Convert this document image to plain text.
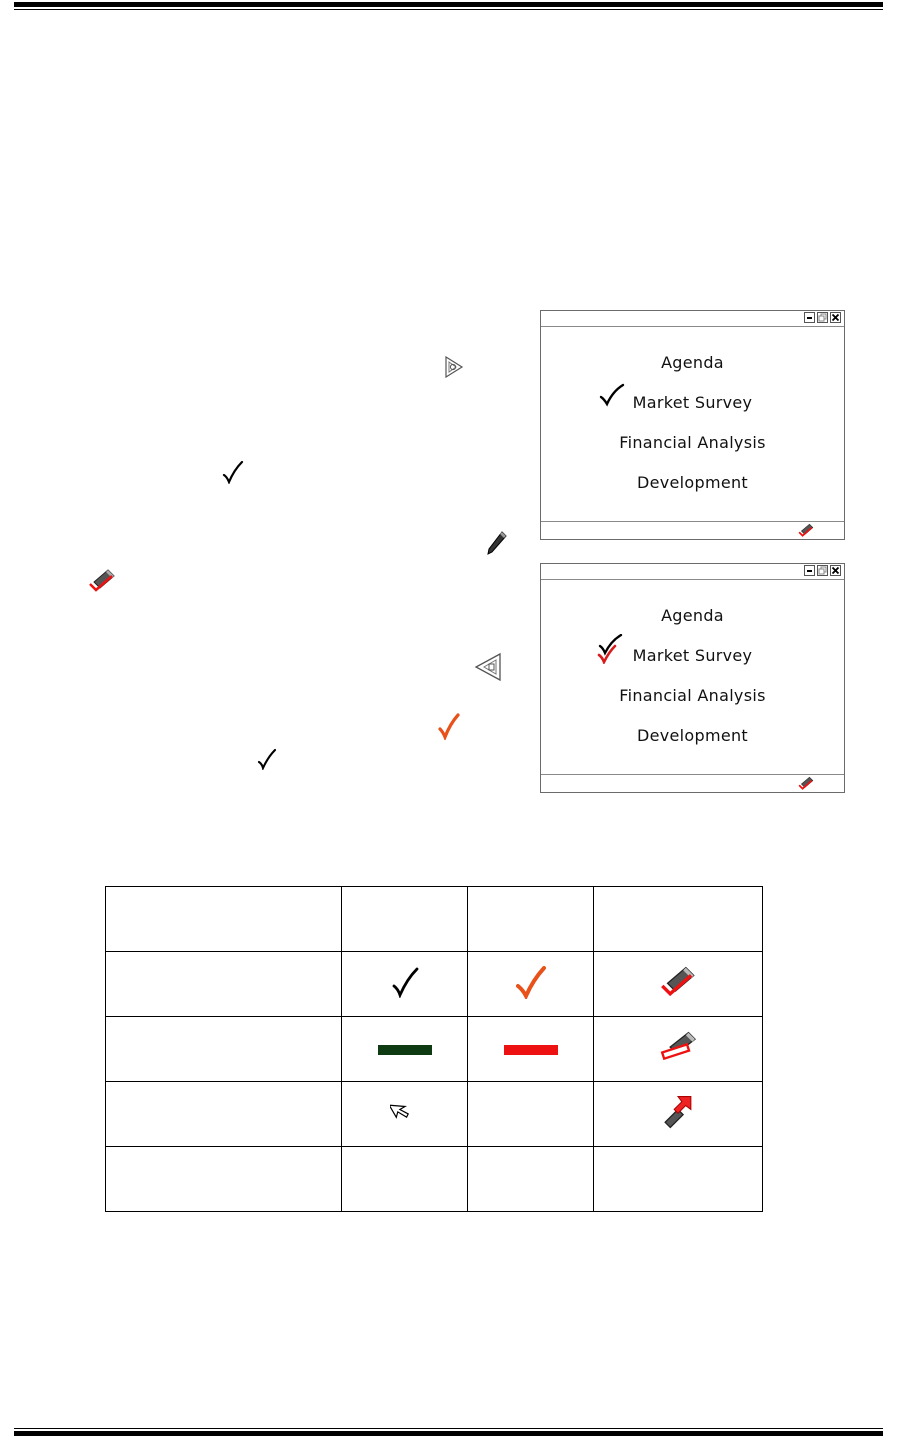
Agenda
Market Survey
Financial Analysis
Development
Agenda
Market Survey
Financial Analysis
Development
